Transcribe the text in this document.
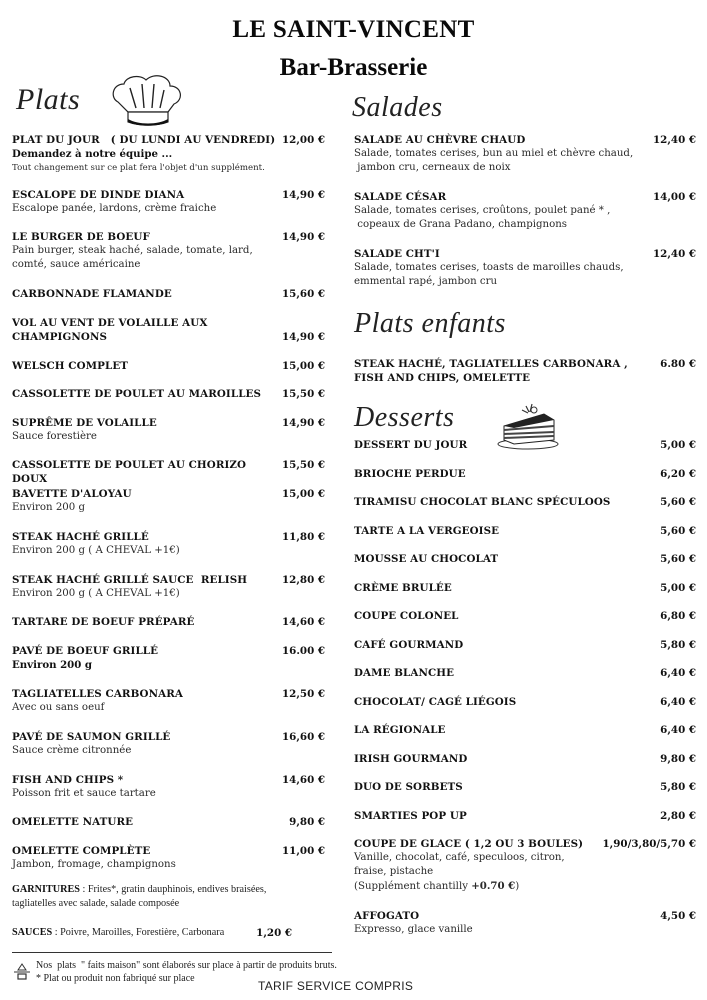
LE SAINT-VINCENT
Bar-Brasserie
Plats	Salades
Plats enfants
Desserts
PLAT DU JOUR   ( DU LUNDI AU VENDREDI) 12,00 €
Demandez à notre équipe ...
Tout changement sur ce plat fera l'objet d'un supplément.
ESCALOPE DE DINDE DIANA	14,90 €
Escalope panée, lardons, crème fraiche
LE BURGER DE BOEUF	14,90 €
Pain burger, steak haché, salade, tomate, lard,
comté, sauce américaine
CARBONNADE FLAMANDE	15,60 €
VOL AU VENT DE VOLAILLE AUX
CHAMPIGNONS	14,90 €
WELSCH COMPLET	15,00 €
CASSOLETTE DE POULET AU MAROILLES 15,50 €
SUPRÊME DE VOLAILLE	14,90 €
Sauce forestière
CASSOLETTE DE POULET AU CHORIZO DOUX
15,50 €
BAVETTE D'ALOYAU	15,00 €
Environ 200 g
STEAK HACHÉ GRILLÉ	11,80 €
Environ 200 g ( A CHEVAL +1€)
STEAK HACHÉ GRILLÉ SAUCE  RELISH	12,80 €
Environ 200 g ( A CHEVAL +1€)
TARTARE DE BOEUF PRÉPARÉ	14,60 €
PAVÉ DE BOEUF GRILLÉ	16.00 €
Environ 200 g
TAGLIATELLES CARBONARA	12,50 €
Avec ou sans oeuf
PAVÉ DE SAUMON GRILLÉ	16,60 €
Sauce crème citronnée
FISH AND CHIPS *	14,60 €
Poisson frit et sauce tartare
OMELETTE NATURE	9,80 €
OMELETTE COMPLÈTE	11,00 €
Jambon, fromage, champignons
GARNITURES : Frites*, gratin dauphinois, endives braisées,
tagliatelles avec salade, salade composée
SAUCES : Poivre, Maroilles, Forestière, Carbonara	1,20 €
SALADE AU CHÈVRE CHAUD	12,40 €
Salade, tomates cerises, bun au miel et chèvre chaud,
jambon cru, cerneaux de noix
SALADE CÉSAR	14,00 €
Salade, tomates cerises, croûtons, poulet pané * ,
copeaux de Grana Padano, champignons
SALADE CHT'I	12,40 €
Salade, tomates cerises, toasts de maroilles chauds,
emmental rapé, jambon cru
STEAK HACHÉ, TAGLIATELLES CARBONARA ,	6.80 €
FISH AND CHIPS, OMELETTE
DESSERT DU JOUR	5,00 €
BRIOCHE PERDUE	6,20 €
TIRAMISU CHOCOLAT BLANC SPÉCULOOS	5,60 €
TARTE A LA VERGEOISE	5,60 €
MOUSSE AU CHOCOLAT	5,60 €
CRÈME BRULÉE	5,00 €
COUPE COLONEL	6,80 €
CAFÉ GOURMAND	5,80 €
DAME BLANCHE	6,40 €
CHOCOLAT/ CAGÉ LIÉGOIS	6,40 €
LA RÉGIONALE	6,40 €
IRISH GOURMAND	9,80 €
DUO DE SORBETS	5,80 €
SMARTIES POP UP	2,80 €
COUPE DE GLACE ( 1,2 OU 3 BOULES) 1,90/3,80/5,70 €
Vanille, chocolat, café, speculoos, citron,
fraise, pistache
(Supplément chantilly +0.70 €)
AFFOGATO	4,50 €
Expresso, glace vanille
Nos  plats  " faits maison" sont élaborés sur place à partir de produits bruts.
* Plat ou produit non fabriqué sur place
TARIF SERVICE COMPRIS
